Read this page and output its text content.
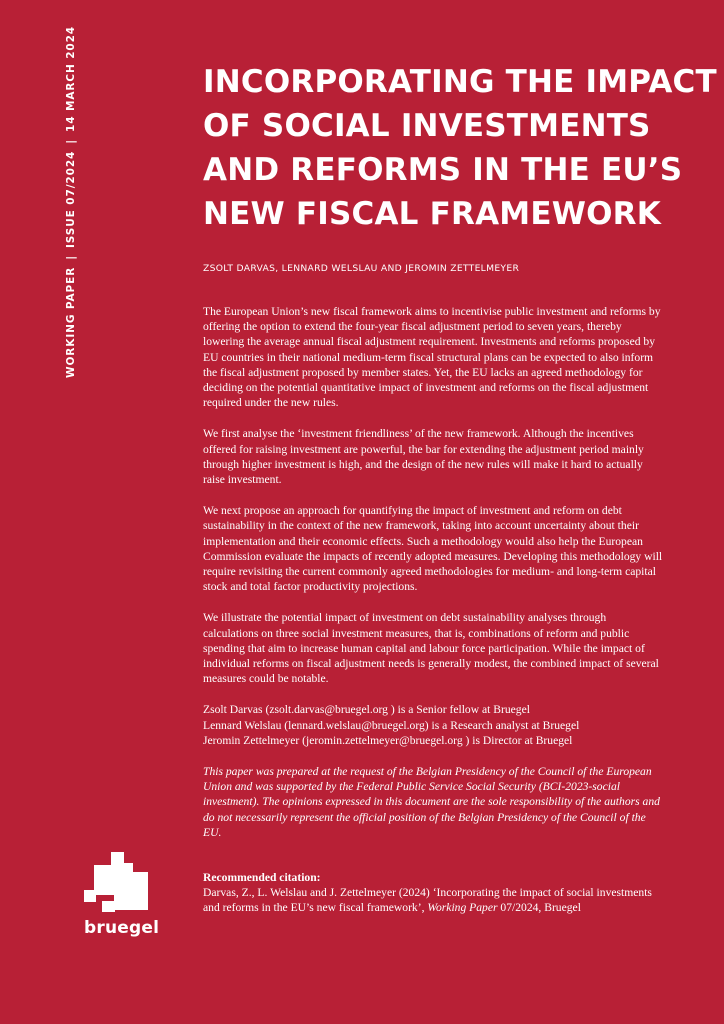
WORKING PAPER|ISSUE 07/2024|14 MARCH 2024	INCORPORATING THE IMPACT
OF SOCIAL INVESTMENTS
AND REFORMS IN THE EU’S
NEW FISCAL FRAMEWORK
ZSOLT DARVAS, LENNARD WELSLAU AND JEROMIN ZETTELMEYER

The European Union’s new fiscal framework aims to incentivise public investment and reforms by offering the option to extend the four-year fiscal adjustment period to seven years, thereby lowering the average annual fiscal adjustment requirement. Investments and reforms proposed by EU countries in their national medium-term fiscal structural plans can be expected to also inform the fiscal adjustment proposed by member states. Yet, the EU lacks an agreed methodology for deciding on the potential quantitative impact of investment and reforms on the fiscal adjustment required under the new rules.

We first analyse the ‘investment friendliness’ of the new framework. Although the incentives offered for raising investment are powerful, the bar for extending the adjustment period mainly through higher investment is high, and the design of the new rules will make it hard to actually raise investment.

We next propose an approach for quantifying the impact of investment and reform on debt sustainability in the context of the new framework, taking into account uncertainty about their implementation and their economic effects. Such a methodology would also help the European Commission evaluate the impacts of recently adopted measures. Developing this methodology will require revisiting the current commonly agreed methodologies for medium- and long-term capital stock and total factor productivity projections.

We illustrate the potential impact of investment on debt sustainability analyses through calculations on three social investment measures, that is, combinations of reform and public spending that aim to increase human capital and labour force participation. While the impact of individual reforms on fiscal adjustment needs is generally modest, the combined impact of several measures could be notable.

Zsolt Darvas (zsolt.darvas@bruegel.org ) is a Senior fellow at Bruegel
Lennard Welslau (lennard.welslau@bruegel.org) is a Research analyst at Bruegel
Jeromin Zettelmeyer (jeromin.zettelmeyer@bruegel.org ) is Director at Bruegel

This paper was prepared at the request of the Belgian Presidency of the Council of the European Union and was supported by the Federal Public Service Social Security (BCI-2023-social investment). The opinions expressed in this document are the sole responsibility of the authors and do not necessarily represent the official position of the Belgian Presidency of the Council of the EU.

bruegel
Recommended citation:
Darvas, Z., L. Welslau and J. Zettelmeyer (2024) ‘Incorporating the impact of social investments and reforms in the EU’s new fiscal framework’, Working Paper 07/2024, Bruegel
